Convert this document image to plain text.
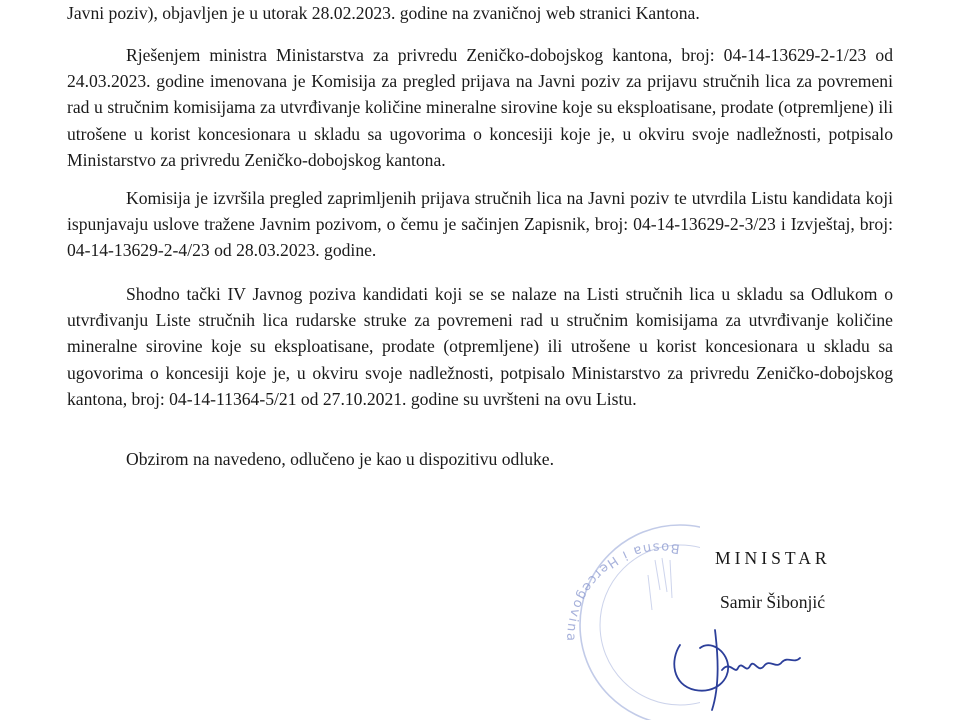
Javni poziv), objavljen je u utorak 28.02.2023. godine na zvaničnoj web stranici Kantona.

Rješenjem ministra Ministarstva za privredu Zeničko-dobojskog kantona, broj: 04-14-13629-2-1/23 od 24.03.2023. godine imenovana je Komisija za pregled prijava na Javni poziv za prijavu stručnih lica za povremeni rad u stručnim komisijama za utvrđivanje količine mineralne sirovine koje su eksploatisane, prodate (otpremljene) ili utrošene u korist koncesionara u skladu sa ugovorima o koncesiji koje je, u okviru svoje nadležnosti, potpisalo Ministarstvo za privredu Zeničko-dobojskog kantona.

Komisija je izvršila pregled zaprimljenih prijava stručnih lica na Javni poziv te utvrdila Listu kandidata koji ispunjavaju uslove tražene Javnim pozivom, o čemu je sačinjen Zapisnik, broj: 04-14-13629-2-3/23 i Izvještaj, broj: 04-14-13629-2-4/23 od 28.03.2023. godine.

Shodno tački IV Javnog poziva kandidati koji se se nalaze na Listi stručnih lica u skladu sa Odlukom o utvrđivanju Liste stručnih lica rudarske struke za povremeni rad u stručnim komisijama za utvrđivanje količine mineralne sirovine koje su eksploatisane, prodate (otpremljene) ili utrošene u korist koncesionara u skladu sa ugovorima o koncesiji koje je, u okviru svoje nadležnosti, potpisalo Ministarstvo za privredu Zeničko-dobojskog kantona, broj: 04-14-11364-5/21 od 27.10.2021. godine su uvršteni na ovu Listu.

Obzirom na navedeno, odlučeno je kao u dispozitivu odluke.

Bosna i Hercegovina

MINISTAR

Samir Šibonjić
